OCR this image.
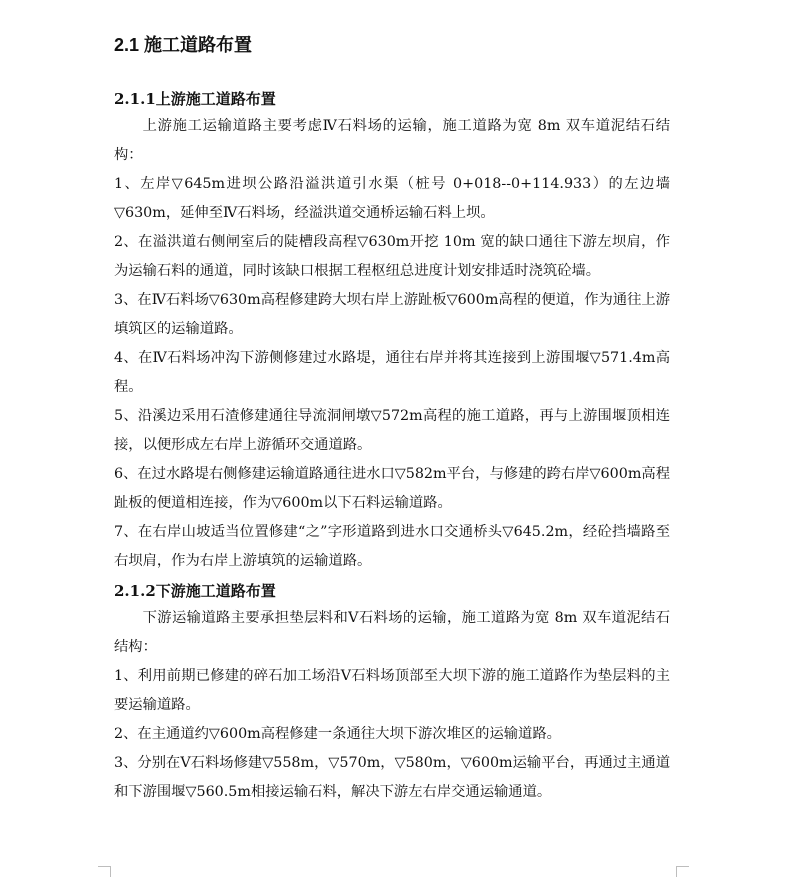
2.1 施工道路布置
2.1.1上游施工道路布置

上游施工运输道路主要考虑Ⅳ石料场的运输，施工道路为宽 8m 双车道泥结石结构：

1、左岸▽645m进坝公路沿溢洪道引水渠（桩号 0+018--0+114.933）的左边墙▽630m，延伸至Ⅳ石料场，经溢洪道交通桥运输石料上坝。

2、在溢洪道右侧闸室后的陡槽段高程▽630m开挖 10m 宽的缺口通往下游左坝肩，作为运输石料的通道，同时该缺口根据工程枢纽总进度计划安排适时浇筑砼墙。

3、在Ⅳ石料场▽630m高程修建跨大坝右岸上游趾板▽600m高程的便道，作为通往上游填筑区的运输道路。

4、在Ⅳ石料场冲沟下游侧修建过水路堤，通往右岸并将其连接到上游围堰▽571.4m高程。

5、沿溪边采用石渣修建通往导流洞闸墩▽572m高程的施工道路，再与上游围堰顶相连接，以便形成左右岸上游循环交通道路。

6、在过水路堤右侧修建运输道路通往进水口▽582m平台，与修建的跨右岸▽600m高程趾板的便道相连接，作为▽600m以下石料运输道路。

7、在右岸山坡适当位置修建“之”字形道路到进水口交通桥头▽645.2m，经砼挡墙路至右坝肩，作为右岸上游填筑的运输道路。

2.1.2下游施工道路布置

下游运输道路主要承担垫层料和Ⅴ石料场的运输，施工道路为宽 8m 双车道泥结石结构：

1、利用前期已修建的碎石加工场沿Ⅴ石料场顶部至大坝下游的施工道路作为垫层料的主要运输道路。

2、在主通道约▽600m高程修建一条通往大坝下游次堆区的运输道路。

3、分别在Ⅴ石料场修建▽558m，▽570m，▽580m，▽600m运输平台，再通过主通道和下游围堰▽560.5m相接运输石料，解决下游左右岸交通运输通道。
